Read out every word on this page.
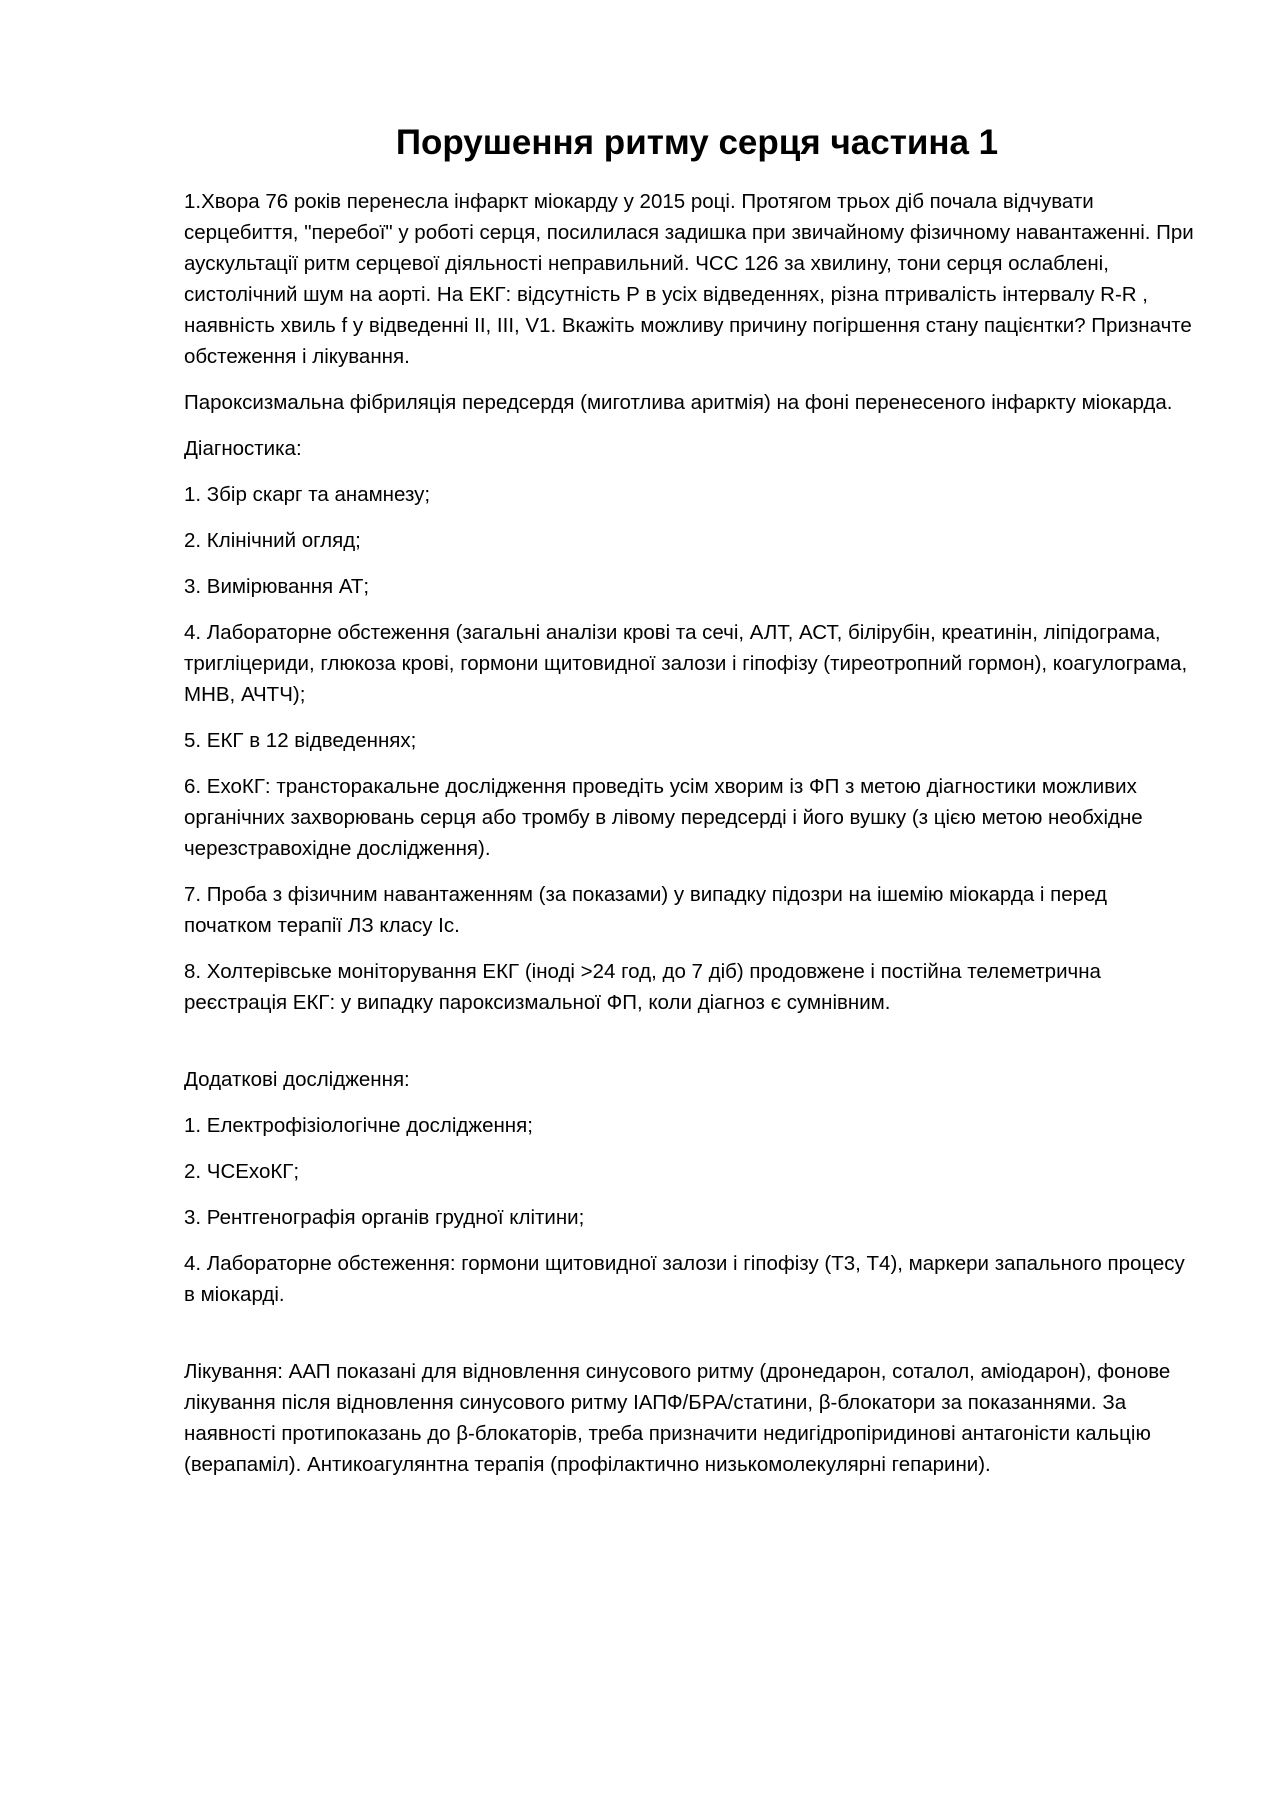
Порушення ритму серця частина 1

1.Хвора 76 років перенесла інфаркт міокарду у 2015 році. Протягом трьох діб почала відчувати серцебиття, "перебої" у роботі серця, посилилася задишка при звичайному фізичному навантаженні. При аускультації ритм серцевої діяльності неправильний. ЧСС 126 за хвилину, тони серця ослаблені, систолічний шум на аорті. На ЕКГ: відсутність Р в усіх відведеннях, різна птривалість інтервалу R-R , наявність хвиль f у відведенні II, III, V1. Вкажіть можливу причину погіршення стану пацієнтки? Призначте обстеження і лікування.

Пароксизмальна фібриляція передсердя (миготлива аритмія) на фоні перенесеного інфаркту міокарда.

Діагностика:

1. Збір скарг та анамнезу;

2. Клінічний огляд;

3. Вимірювання АТ;

4. Лабораторне обстеження (загальні аналізи крові та сечі, АЛТ, АСТ, білірубін, креатинін, ліпідограма, тригліцериди, глюкоза крові, гормони щитовидної залози і гіпофізу (тиреотропний гормон), коагулограма, МНВ, АЧТЧ);

5. ЕКГ в 12 відведеннях;

6. ЕхоКГ: трансторакальне дослідження проведіть усім хворим із ФП з метою діагностики можливих органічних захворювань серця або тромбу в лівому передсерді і його вушку (з цією метою необхідне черезстравохідне дослідження).

7. Проба з фізичним навантаженням (за показами) у випадку підозри на ішемію міокарда і перед початком терапії ЛЗ класу Ic.

8. Холтерівське моніторування ЕКГ (іноді >24 год, до 7 діб) продовжене і постійна телеметрична реєстрація ЕКГ: у випадку пароксизмальної ФП, коли діагноз є сумнівним.

Додаткові дослідження:

1. Електрофізіологічне дослідження;

2. ЧСЕхоКГ;

3. Рентгенографія органів грудної клітини;

4. Лабораторне обстеження: гормони щитовидної залози і гіпофізу (Т3, Т4), маркери запального процесу в міокарді.

Лікування: ААП показані для відновлення синусового ритму (дронедарон, соталол, аміодарон), фонове лікування після відновлення синусового ритму ІАПФ/БРА/статини, β-блокатори за показаннями. За наявності протипоказань до β-блокаторів, треба призначити недигідропіридинові антагоністи кальцію (верапаміл). Антикоагулянтна терапія (профілактично низькомолекулярні гепарини).
